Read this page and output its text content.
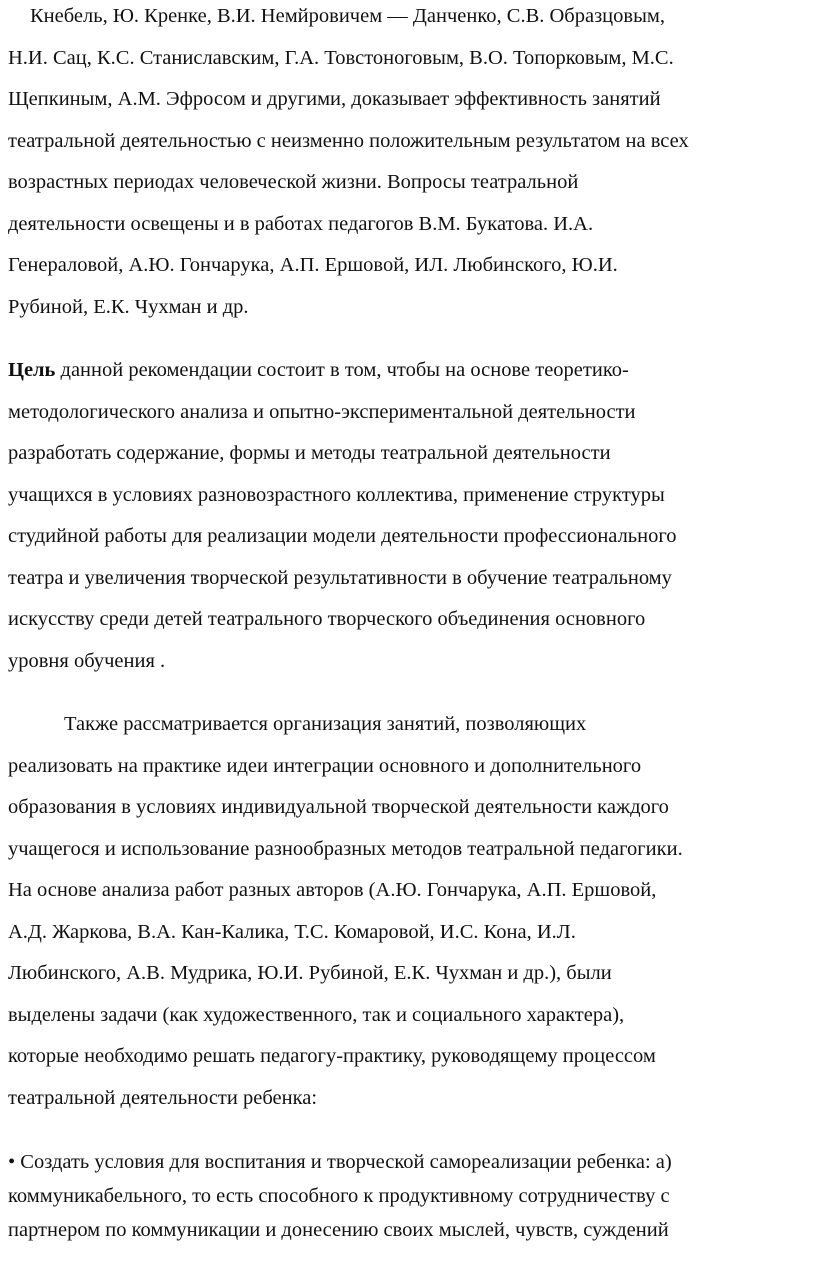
Кнебель, Ю. Кренке, В.И. Немйровичем — Данченко, С.В. Образцовым,
Н.И. Сац, К.С. Станиславским, Г.А. Товстоноговым, В.О. Топорковым, М.С.
Щепкиным, А.М. Эфросом и другими, доказывает эффективность занятий
театральной деятельностью с неизменно положительным результатом на всех
возрастных периодах человеческой жизни. Вопросы театральной
деятельности освещены и в работах педагогов В.М. Букатова. И.А.
Генераловой, А.Ю. Гончарука, А.П. Ершовой, ИЛ. Любинского, Ю.И.
Рубиной, Е.К. Чухман и др.
Цель данной рекомендации состоит в том, чтобы на основе теоретико-
методологического анализа и опытно-экспериментальной деятельности
разработать содержание, формы и методы театральной деятельности
учащихся в условиях разновозрастного коллектива, применение структуры
студийной работы для реализации модели деятельности профессионального
театра и увеличения творческой результативности в обучение театральному
искусству среди детей театрального творческого объединения основного
уровня обучения .
Также рассматривается организация занятий, позволяющих
реализовать на практике идеи интеграции основного и дополнительного
образования в условиях индивидуальной творческой деятельности каждого
учащегося и использование разнообразных методов театральной педагогики.
На основе анализа работ разных авторов (А.Ю. Гончарука, А.П. Ершовой,
А.Д. Жаркова, В.А. Кан-Калика, Т.С. Комаровой, И.С. Кона, И.Л.
Любинского, А.В. Мудрика, Ю.И. Рубиной, Е.К. Чухман и др.), были
выделены задачи (как художественного, так и социального характера),
которые необходимо решать педагогу-практику, руководящему процессом
театральной деятельности ребенка:
• Создать условия для воспитания и творческой самореализации ребенка: а)
коммуникабельного, то есть способного к продуктивному сотрудничеству с
партнером по коммуникации и донесению своих мыслей, чувств, суждений
